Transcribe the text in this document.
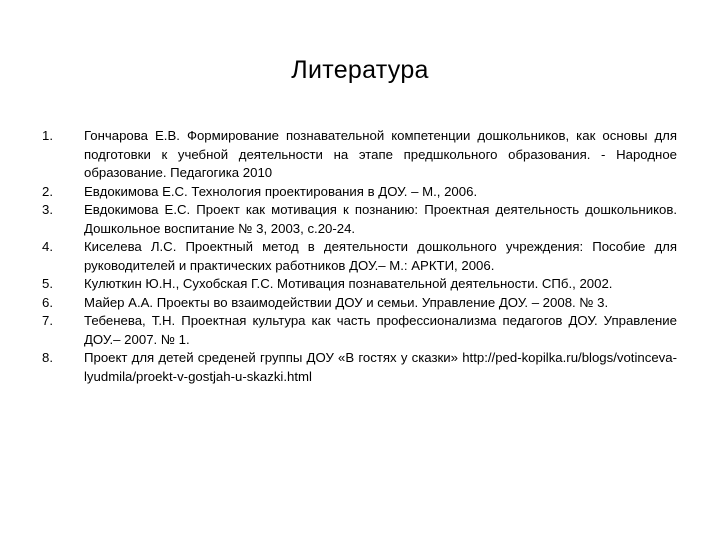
Литература
1.	Гончарова Е.В. Формирование познавательной компетенции дошкольников, как основы для подготовки к учебной деятельности на этапе предшкольного образования. - Народное образование. Педагогика 2010
2.	Евдокимова Е.С. Технология проектирования в ДОУ. – М., 2006.
3.	Евдокимова Е.С. Проект как мотивация к познанию: Проектная деятельность дошкольников. Дошкольное воспитание № 3, 2003, с.20-24.
4.	Киселева Л.С. Проектный метод в деятельности дошкольного учреждения: Пособие для руководителей и практических работников ДОУ.– М.: АРКТИ, 2006.
5.	Кулюткин Ю.Н., Сухобская Г.С. Мотивация познавательной деятельности. СПб., 2002.
6.	Майер А.А. Проекты во взаимодействии ДОУ и семьи. Управление ДОУ. – 2008. № 3.
7.	Тебенева, Т.Н. Проектная культура как часть профессионализма педагогов ДОУ. Управление ДОУ.– 2007. № 1.
8.	Проект для детей среденей группы ДОУ «В гостях у сказки» http://ped-kopilka.ru/blogs/votinceva-lyudmila/proekt-v-gostjah-u-skazki.html
